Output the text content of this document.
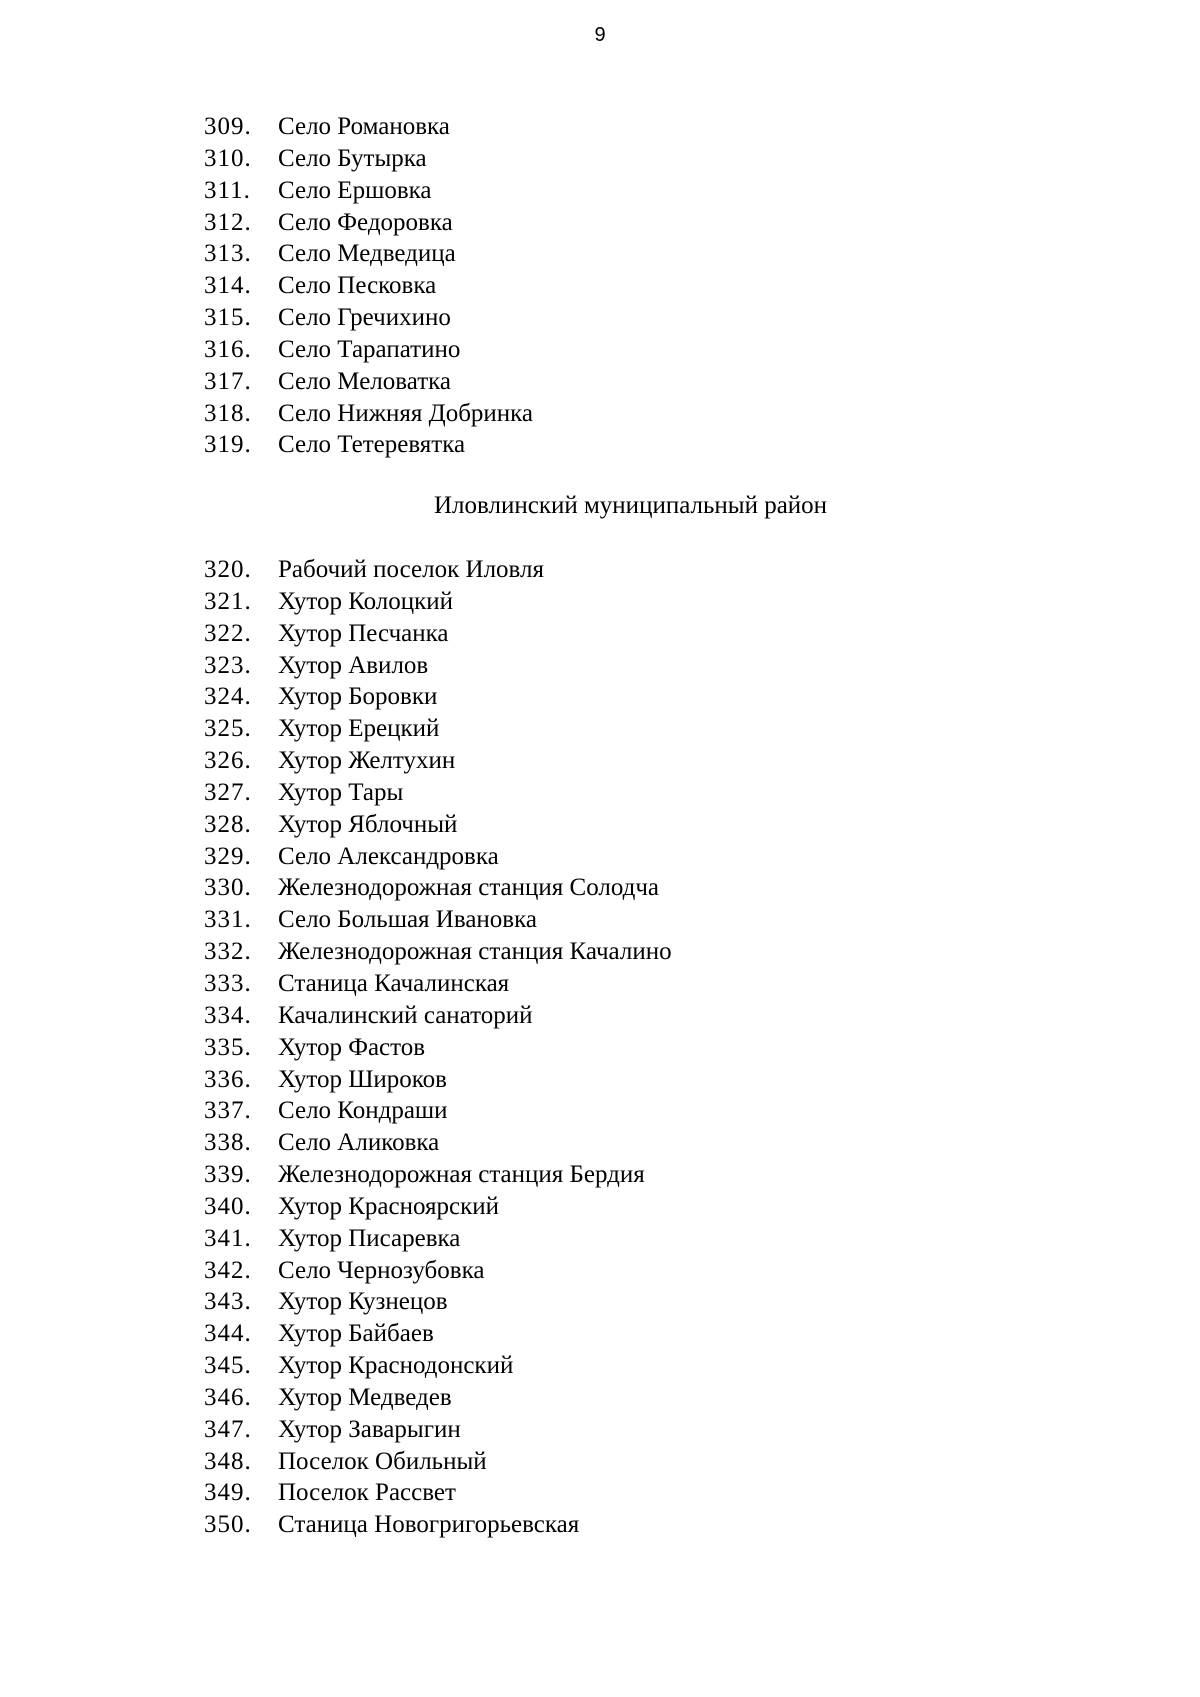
9
309. Село Романовка
310. Село Бутырка
311. Село Ершовка
312. Село Федоровка
313. Село Медведица
314. Село Песковка
315. Село Гречихино
316. Село Тарапатино
317. Село Меловатка
318. Село Нижняя Добринка
319. Село Тетеревятка
Иловлинский муниципальный район
320. Рабочий поселок Иловля
321. Хутор Колоцкий
322. Хутор Песчанка
323. Хутор Авилов
324. Хутор Боровки
325. Хутор Ерецкий
326. Хутор Желтухин
327. Хутор Тары
328. Хутор Яблочный
329. Село Александровка
330. Железнодорожная станция Солодча
331. Село Большая Ивановка
332. Железнодорожная станция Качалино
333. Станица Качалинская
334. Качалинский санаторий
335. Хутор Фастов
336. Хутор Широков
337. Село Кондраши
338. Село Аликовка
339. Железнодорожная станция Бердия
340. Хутор Красноярский
341. Хутор Писаревка
342. Село Чернозубовка
343. Хутор Кузнецов
344. Хутор Байбаев
345. Хутор Краснодонский
346. Хутор Медведев
347. Хутор Заварыгин
348. Поселок Обильный
349. Поселок Рассвет
350. Станица Новогригорьевская
